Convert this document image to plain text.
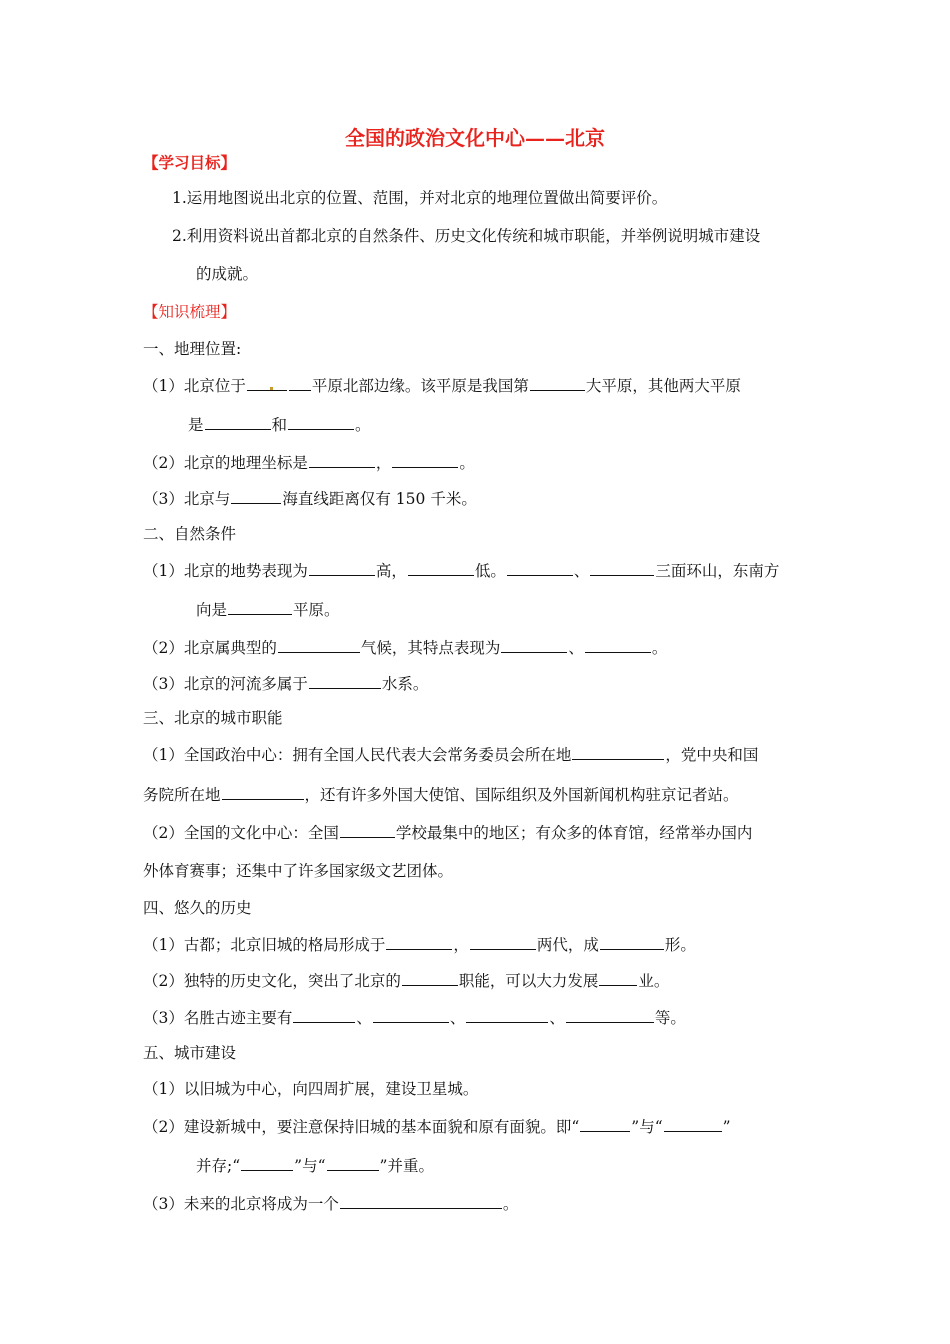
全国的政治文化中心——北京
【学习目标】
1.运用地图说出北京的位置、范围，并对北京的地理位置做出简要评价。
2.利用资料说出首都北京的自然条件、历史文化传统和城市职能，并举例说明城市建设
的成就。
【知识梳理】
一、地理位置:
（1）北京位于	平原北部边缘。该平原是我国第	大平原，其他两大平原
是	和	。
（2）北京的地理坐标是	，	。
（3）北京与	海直线距离仅有 150 千米。
二、自然条件
（1）北京的地势表现为	高，	低。	、	三面环山，东南方
向是	平原。
（2）北京属典型的	气候，其特点表现为	、	。
（3）北京的河流多属于	水系。
三、北京的城市职能
（1）全国政治中心：拥有全国人民代表大会常务委员会所在地	，党中央和国
务院所在地	，还有许多外国大使馆、国际组织及外国新闻机构驻京记者站。
（2）全国的文化中心：全国	学校最集中的地区；有众多的体育馆，经常举办国内
外体育赛事；还集中了许多国家级文艺团体。
四、悠久的历史
（1）古都；北京旧城的格局形成于	，	两代，成	形。
（2）独特的历史文化，突出了北京的	职能，可以大力发展	业。
（3）名胜古迹主要有	、	、	、	等。
五、城市建设
（1）以旧城为中心，向四周扩展，建设卫星城。
（2）建设新城中，要注意保持旧城的基本面貌和原有面貌。即“	”与“	”
并存;“	”与“	”并重。
（3）未来的北京将成为一个	。
